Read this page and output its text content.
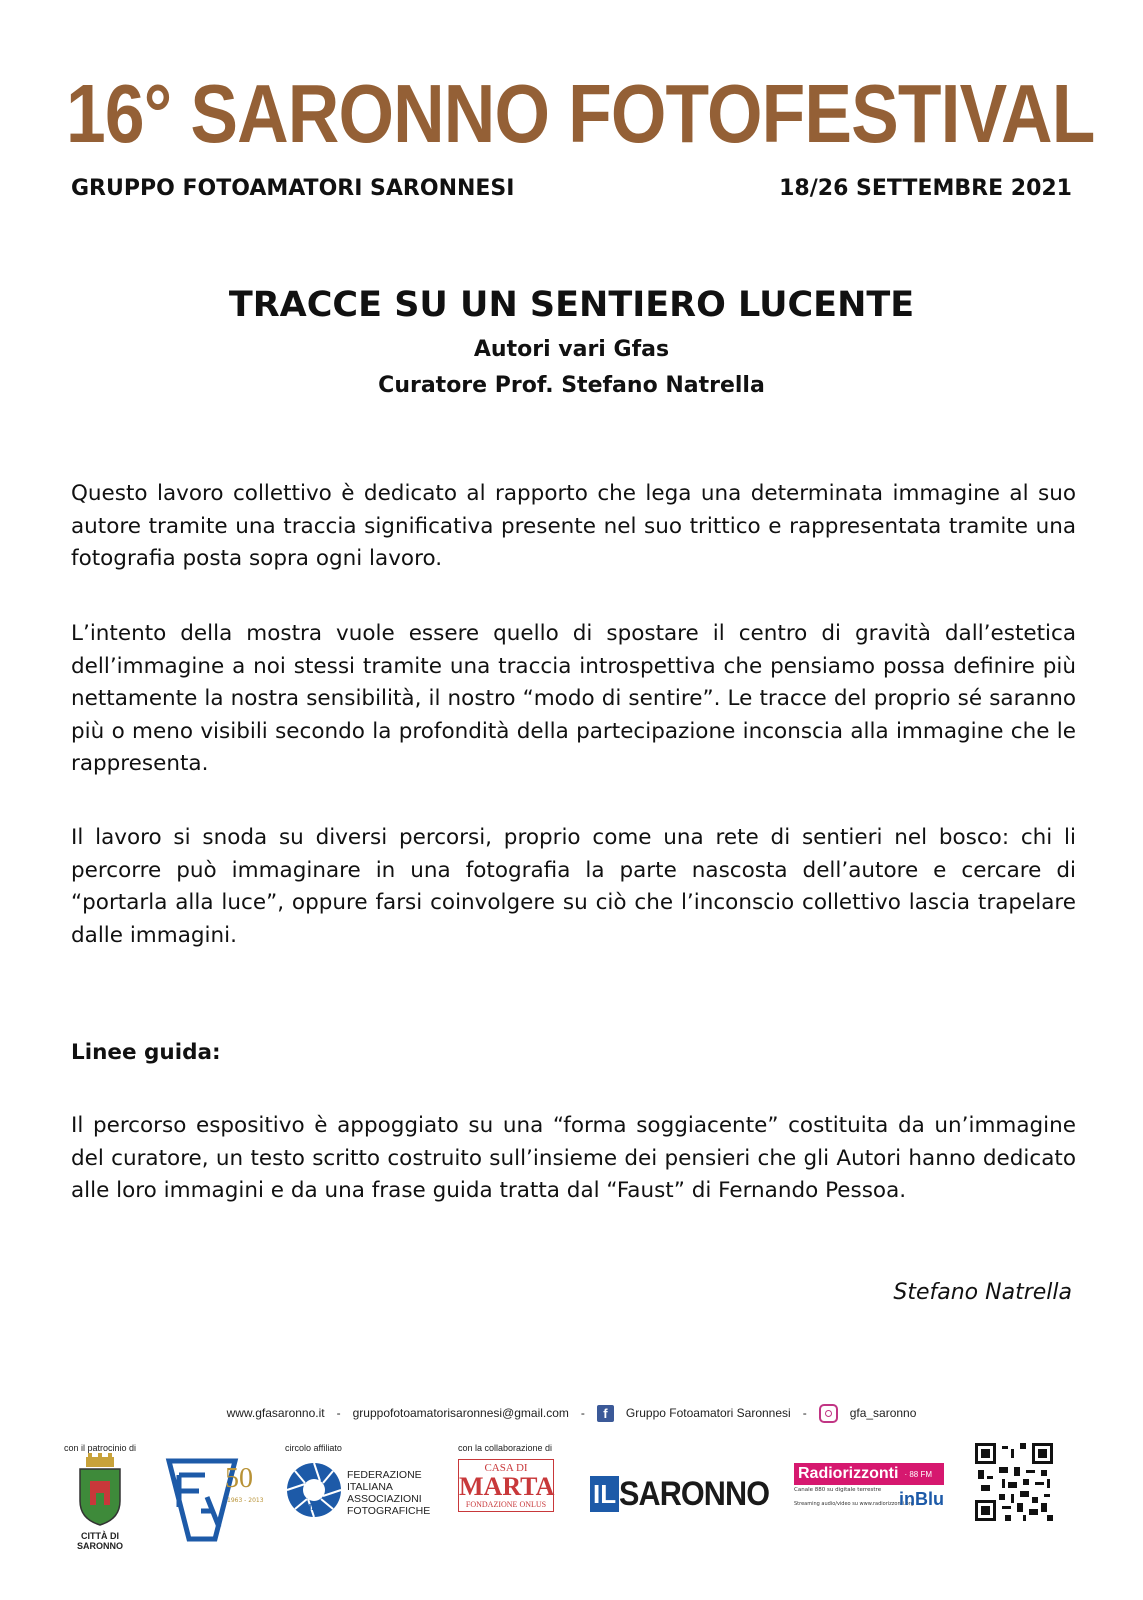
16° SARONNO FOTOFESTIVAL
GRUPPO FOTOAMATORI SARONNESI	18/26 SETTEMBRE 2021
TRACCE SU UN SENTIERO LUCENTE
Autori vari Gfas
Curatore Prof. Stefano Natrella

Questo lavoro collettivo è dedicato al rapporto che lega una determinata immagine al suo autore tramite una traccia significativa presente nel suo trittico e rappresentata tramite una fotografia posta sopra ogni lavoro.

L’intento della mostra vuole essere quello di spostare il centro di gravità dall’estetica dell’immagine a noi stessi tramite una traccia introspettiva che pensiamo possa definire più nettamente la nostra sensibilità, il nostro “modo di sentire”. Le tracce del proprio sé saranno più o meno visibili secondo la profondità della partecipazione inconscia alla immagine che le rappresenta.

Il lavoro si snoda su diversi percorsi, proprio come una rete di sentieri nel bosco: chi li percorre può immaginare in una fotografia la parte nascosta dell’autore e cercare di “portarla alla luce”, oppure farsi coinvolgere su ciò che l’inconscio collettivo lascia trapelare dalle immagini.

Linee guida:

Il percorso espositivo è appoggiato su una “forma soggiacente” costituita da un’immagine del curatore, un testo scritto costruito sull’insieme dei pensieri che gli Autori hanno dedicato alle loro immagini e da una frase guida tratta dal “Faust” di Fernando Pessoa.

Stefano Natrella
www.gfasaronno.it - gruppofotoamatorisaronnesi@gmail.com -	f	Gruppo Fotoamatori Saronnesi -	gfa_saronno
con il patrocinio di
CITTÀ DI
SARONNO
50
1963 - 2013
circolo affiliato
FIAF
FEDERAZIONE
ITALIANA
ASSOCIAZIONI
FOTOGRAFICHE
con la collaborazione di
CASA DI
MARTA
FONDAZIONE ONLUS IL SARONNO
Radiorizzonti · 88 FM
Canale 880 su digitale terrestre inBlu
Streaming audio/video su www.radiorizzonti.org
